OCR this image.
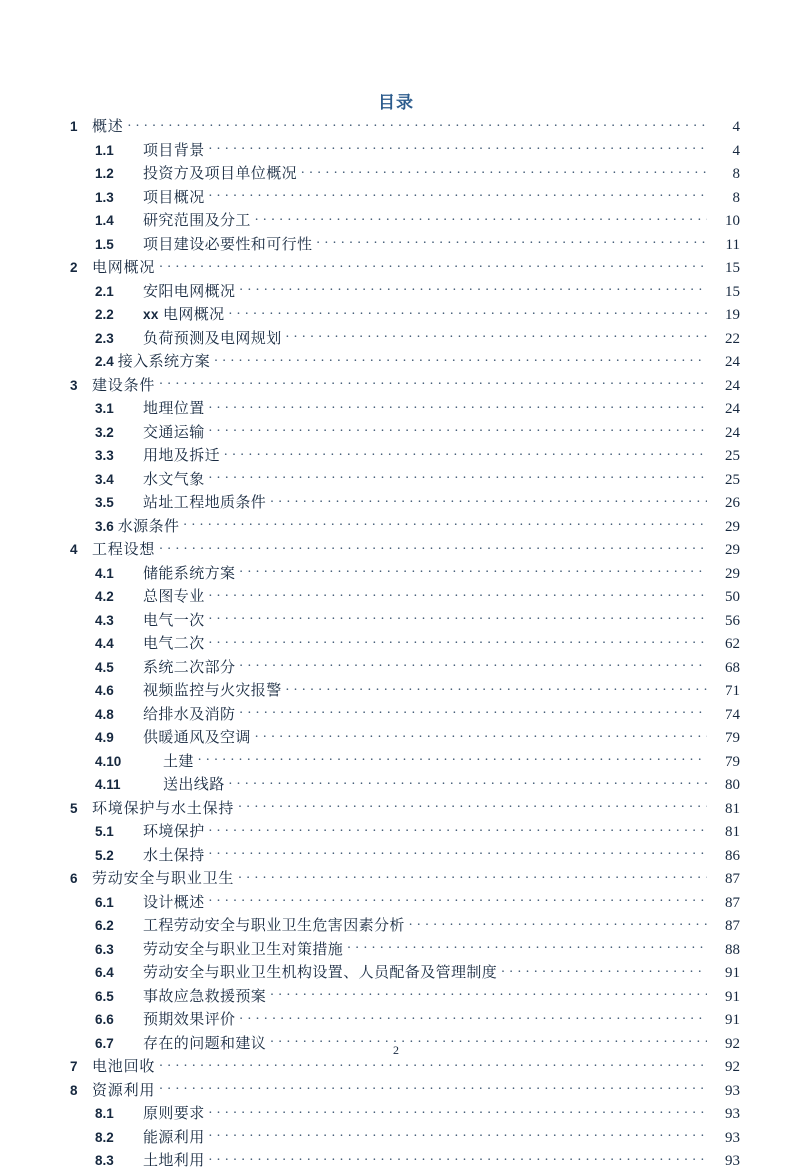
目录
1 概述 . . .	4
1.1	项目背景 . . .	4
1.2	投资方及项目单位概况 . . .	8
1.3	项目概况 . . .	8
1.4	研究范围及分工 . . .	10
1.5	项目建设必要性和可行性 . . .	11
2 电网概况 . . .	15
2.1	安阳电网概况 . . .	15
2.2	xx 电网概况 . . .	19
2.3	负荷预测及电网规划 . . .	22
2.4 接入系统方案 . . .	24
3 建设条件 . . .	24
3.1	地理位置 . . .	24
3.2	交通运输 . . .	24
3.3	用地及拆迁 . . .	25
3.4	水文气象 . . .	25
3.5	站址工程地质条件 . . .	26
3.6 水源条件 . . .	29
4 工程设想 . . .	29
4.1	储能系统方案 . . .	29
4.2	总图专业 . . .	50
4.3	电气一次 . . .	56
4.4	电气二次 . . .	62
4.5	系统二次部分 . . .	68
4.6	视频监控与火灾报警 . . .	71
4.8	给排水及消防 . . .	74
4.9	供暖通风及空调 . . .	79
4.10	土建 . . .	79
4.11	送出线路 . . .	80
5 环境保护与水土保持 . . .	81
5.1	环境保护 . . .	81
5.2	水土保持 . . .	86
6 劳动安全与职业卫生 . . .	87
6.1	设计概述 . . .	87
6.2	工程劳动安全与职业卫生危害因素分析 . . .	87
6.3	劳动安全与职业卫生对策措施 . . .	88
6.4	劳动安全与职业卫生机构设置、人员配备及管理制度 . . .	91
6.5	事故应急救援预案 . . .	91
6.6	预期效果评价 . . .	91
6.7	存在的问题和建议 . . .	92
7 电池回收 . . .	92
8 资源利用 . . .	93
8.1	原则要求 . . .	93
8.2	能源利用 . . .	93
8.3	土地利用 . . .	93
2
